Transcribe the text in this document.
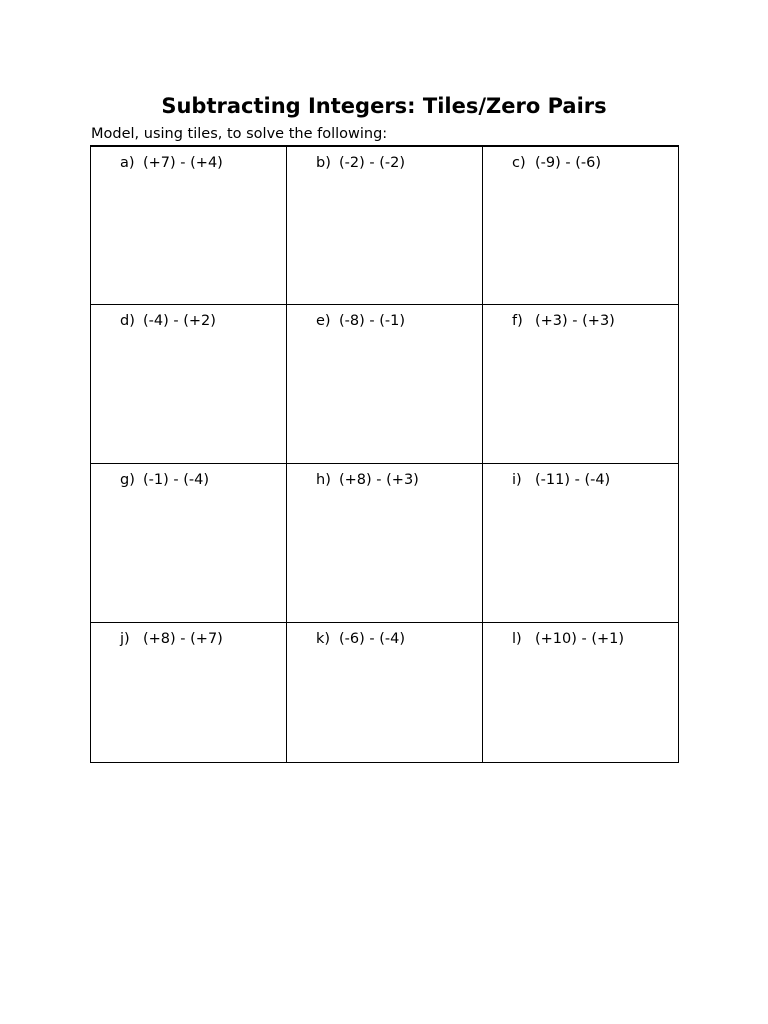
Subtracting Integers: Tiles/Zero Pairs

Model, using tiles, to solve the following:

a) (+7) - (+4)	b) (-2) - (-2)	c) (-9) - (-6)

d) (-4) - (+2)	e) (-8) - (-1)	f) (+3) - (+3)

g) (-1) - (-4)	h) (+8) - (+3)	i) (-11) - (-4)

j) (+8) - (+7)	k) (-6) - (-4)	l) (+10) - (+1)
